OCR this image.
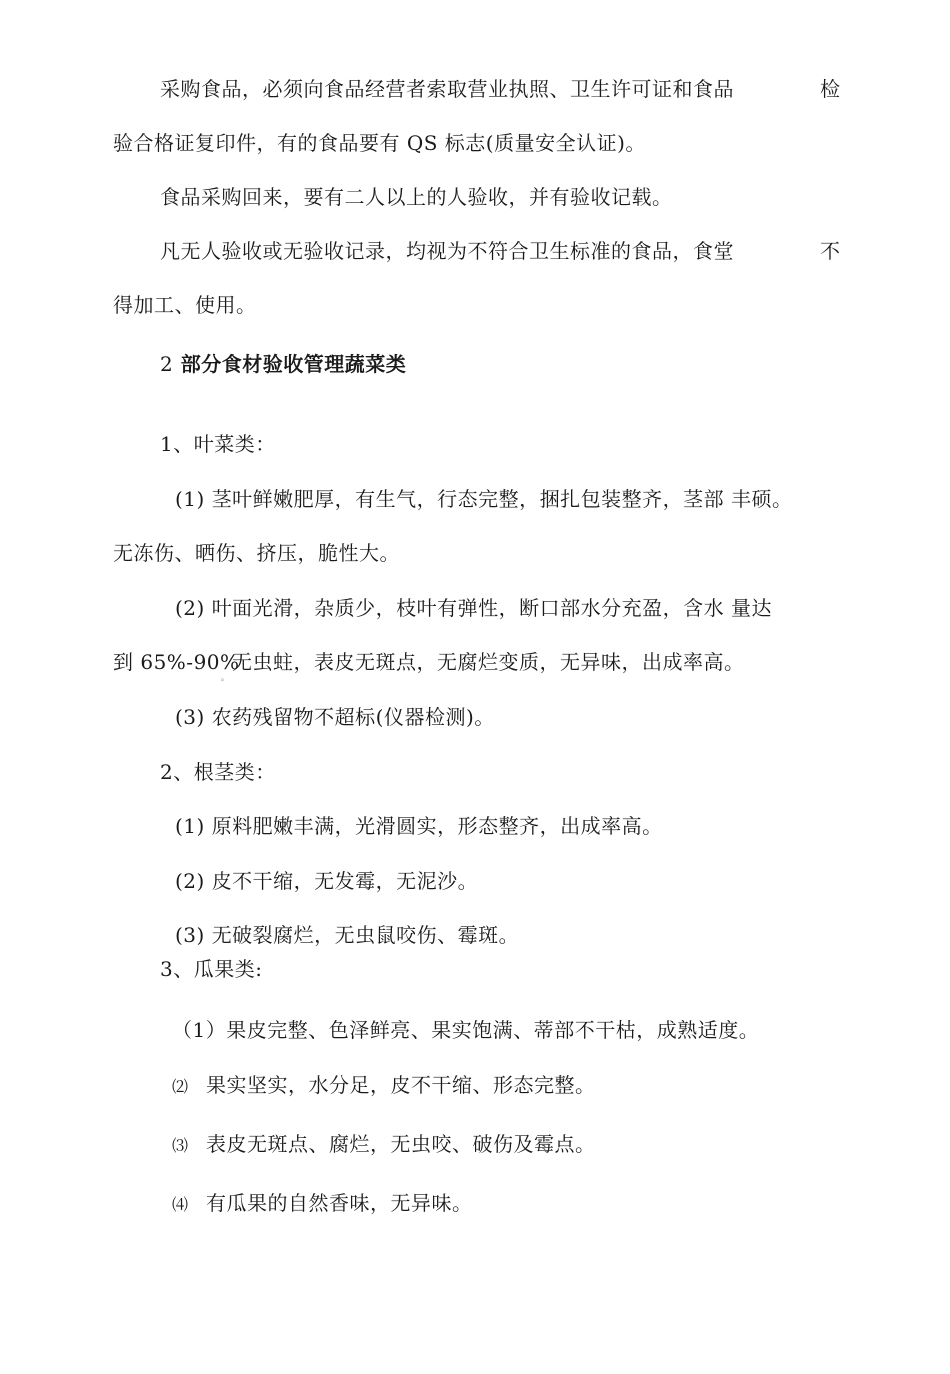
采购食品，必须向食品经营者索取营业执照、卫生许可证和食品	检
验合格证复印件，有的食品要有 QS 标志(质量安全认证)。
食品采购回来，要有二人以上的人验收，并有验收记载。
凡无人验收或无验收记录，均视为不符合卫生标准的食品，食堂	不
得加工、使用。
2 部分食材验收管理蔬菜类
1、叶菜类：
(1) 茎叶鲜嫩肥厚，有生气，行态完整，捆扎包装整齐，茎部 丰硕。
无冻伤、晒伤、挤压，脆性大。
(2) 叶面光滑，杂质少，枝叶有弹性，断口部水分充盈，含水 量达
到 65%-90%
。
无虫蛀，表皮无斑点，无腐烂变质，无异味，出成率高。
(3) 农药残留物不超标(仪器检测)。
2、根茎类：
(1) 原料肥嫩丰满，光滑圆实，形态整齐，出成率高。
(2) 皮不干缩，无发霉，无泥沙。
(3) 无破裂腐烂，无虫鼠咬伤、霉斑。
3、瓜果类:
（1）果皮完整、色泽鲜亮、果实饱满、蒂部不干枯，成熟适度。
⑵ 果实坚实，水分足，皮不干缩、形态完整。
⑶ 表皮无斑点、腐烂，无虫咬、破伤及霉点。
⑷ 有瓜果的自然香味，无异味。
